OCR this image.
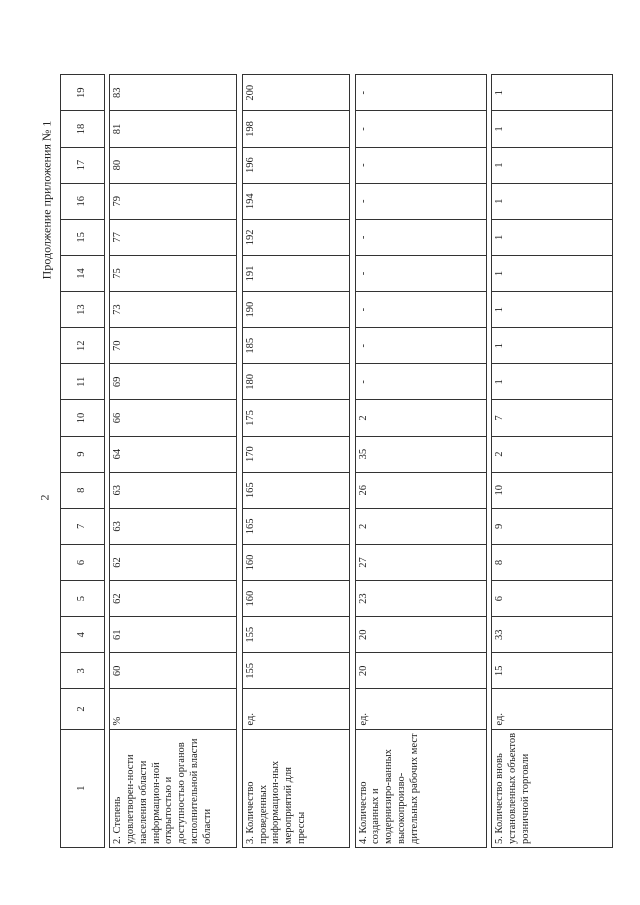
2
Продолжение приложения № 1
1	2	3	4	5	6	7	8	9	10	11	12	13	14	15	16	17	18	19

2. Степень удовлетворен-ности населения области информацион-ной открытостью и доступностью органов исполнительной власти области	%	60	61	62	62	63	63	64	66	69	70	73	75	77	79	80	81	83

3. Количество проведенных информацион-ных мероприятий для прессы	ед.	155	155	160	160	165	165	170	175	180	185	190	191	192	194	196	198	200

4. Количество созданных и модернизиро-ванных высокопроизво-дительных рабочих мест	ед.	20	20	23	27	2	26	35	2	-	-	-	-	-	-	-	-	-

5. Количество вновь установленных объектов розничной торговли	ед.	15	33	6	8	9	10	2	7	1	1	1	1	1	1	1	1	1
